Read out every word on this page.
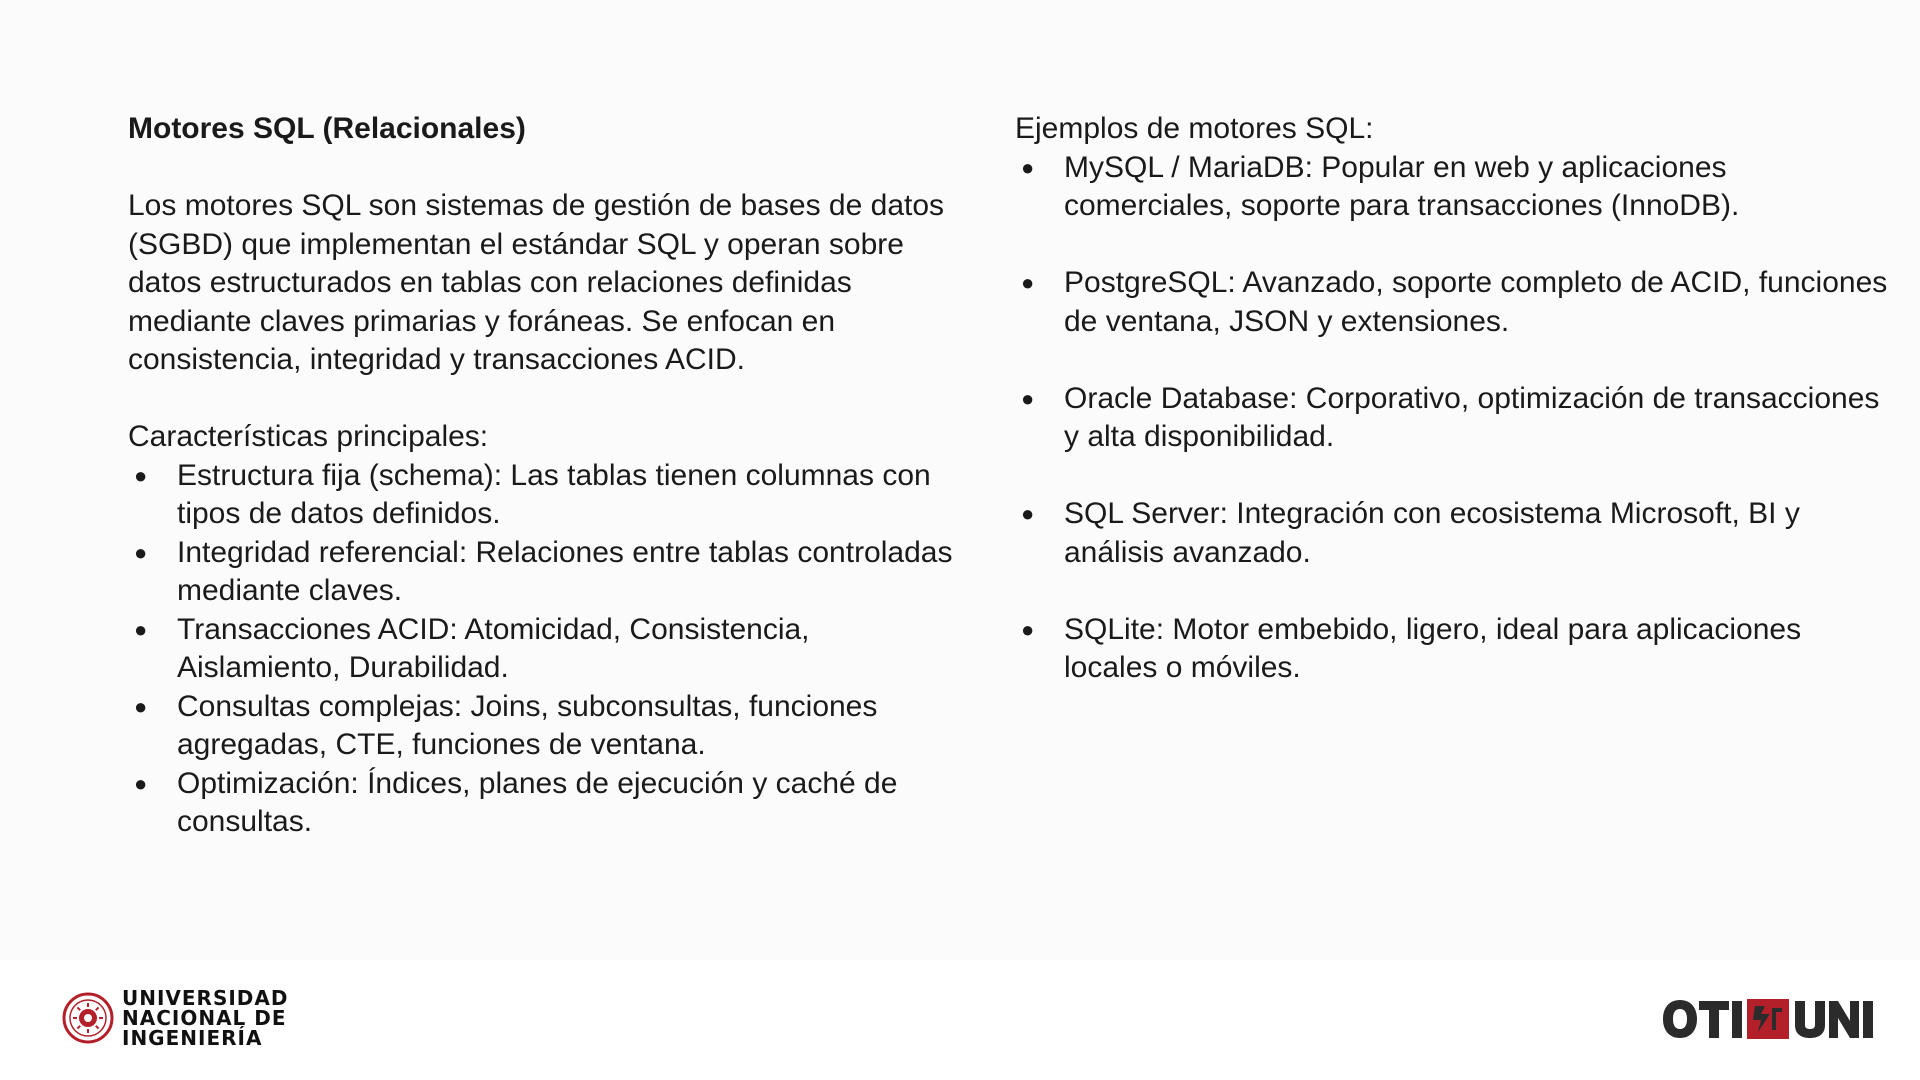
Motores SQL (Relacionales)

Los motores SQL son sistemas de gestión de bases de datos (SGBD) que implementan el estándar SQL y operan sobre datos estructurados en tablas con relaciones definidas mediante claves primarias y foráneas. Se enfocan en consistencia, integridad y transacciones ACID.

Características principales:

● Estructura fija (schema): Las tablas tienen columnas con tipos de datos definidos.
● Integridad referencial: Relaciones entre tablas controladas mediante claves.
● Transacciones ACID: Atomicidad, Consistencia, Aislamiento, Durabilidad.
● Consultas complejas: Joins, subconsultas, funciones agregadas, CTE, funciones de ventana.
● Optimización: Índices, planes de ejecución y caché de consultas.

Ejemplos de motores SQL:

● MySQL / MariaDB: Popular en web y aplicaciones comerciales, soporte para transacciones (InnoDB).
● PostgreSQL: Avanzado, soporte completo de ACID, funciones de ventana, JSON y extensiones.
● Oracle Database: Corporativo, optimización de transacciones y alta disponibilidad.
● SQL Server: Integración con ecosistema Microsoft, BI y análisis avanzado.
● SQLite: Motor embebido, ligero, ideal para aplicaciones locales o móviles.
UNIVERSIDAD
NACIONAL DE
INGENIERÍA
